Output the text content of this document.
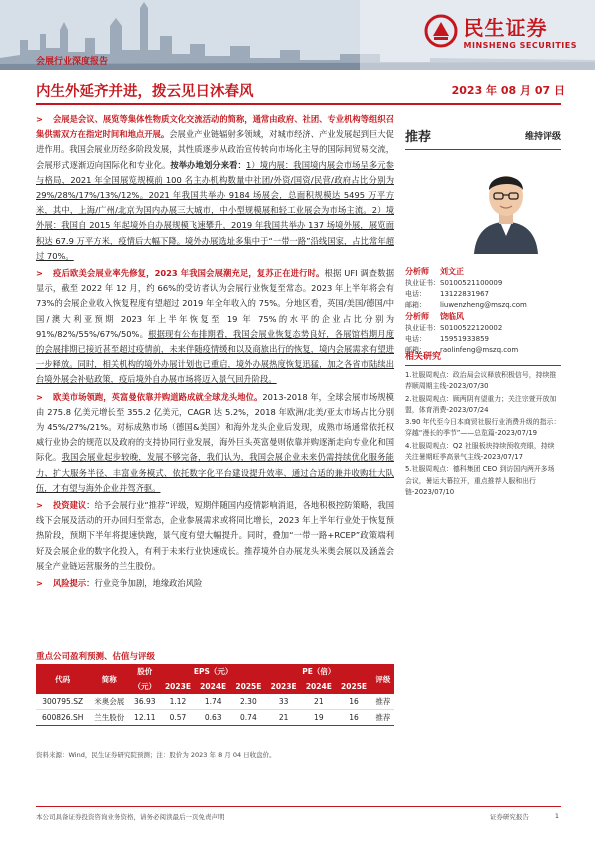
民生证券
MINSHENG SECURITIES
会展行业深度报告
内生外延齐并进，拨云见日沐春风	2023 年 08 月 07 日

> 会展是会议、展览等集体性物质文化交流活动的简称，通常由政府、社团、专业机构等组织召集供需双方在指定时间和地点开展。会展业产业链辐射多领域，对城市经济、产业发展起到巨大促进作用。我国会展业历经多阶段发展，其性质逐步从政治宣传转向市场化主导的国际间贸易交流，会展形式逐渐迈向国际化和专业化。按举办地划分来看：1）境内展：我国境内展会市场呈多元参与格局，2021 年全国展览规模前 100 名主办机构数量中社团/外资/国资/民营/政府占比分别为 29%/28%/17%/13%/12%。2021 年我国共举办 9184 场展会，总面积规模达 5495 万平方米，其中，上海/广州/北京为国内办展三大城市，中小型规模展和轻工业展会为市场主流。2）境外展：我国自 2015 年起境外自办展规模飞速攀升，2019 年我国共举办 137 场境外展，展览面积达 67.9 万平方米，疫情后大幅下降。境外办展选址多集中于“一带一路”沿线国家，占比常年超过 70%。

> 疫后欧美会展业率先修复，2023 年我国会展潮充足，复苏正在进行时。根据 UFI 调查数据显示，截至 2022 年 12 月，约 66%的受访者认为会展行业恢复至常态。2023 年上半年将会有 73%的会展企业收入恢复程度有望超过 2019 年全年收入的 75%。分地区看，英国/美国/德国/中国/澳大利亚预期 2023 年上半年恢复至 19 年 75%的水平的企业占比分别为 91%/82%/55%/67%/50%。根据现有公布排期看，我国会展业恢复态势良好，各展馆档期月度的会展排期已接近甚至超过疫情前，未来伴随疫情缓和以及商旅出行的恢复，境内会展需求有望进一步释放。同时，相关机构的境外办展计划也已重启，境外办展热度恢复迅猛，加之各省市陆续出台境外展会补贴政策，疫后境外自办展市场将迈入景气回升阶段。

> 欧美市场领跑，英富曼依靠并购道路成就全球龙头地位。2013-2018 年，全球会展市场规模由 275.8 亿美元增长至 355.2 亿美元，CAGR 达 5.2%，2018 年欧洲/北美/亚太市场占比分别为 45%/27%/21%。对标成熟市场（德国&美国）和海外龙头企业后发现，成熟市场通常依托权威行业协会的规范以及政府的支持协同行业发展，海外巨头英富曼则依靠并购逐渐走向专业化和国际化。我国会展业起步较晚，发展不够完备，我们认为，我国会展企业未来仍需持续优化服务能力、扩大服务半径、丰富业务模式、依托数字化平台建设提升效率、通过合适的兼并收购壮大队伍，才有望与海外企业并驾齐驱。

> 投资建议：给予会展行业“推荐”评级，短期伴随国内疫情影响消退，各地积极控防策略，我国线下会展及活动的开办回归至常态，企业参展需求或将同比增长，2023 年上半年行业处于恢复预热阶段，预期下半年将提速快跑，景气度有望大幅提升。同时，叠加“一带一路+RCEP”政策端利好及会展企业的数字化投入，有利于未来行业快速成长。推荐境外自办展龙头米奥会展以及涵盖会展全产业链运营服务的兰生股份。

> 风险提示：行业竞争加剧，地缘政治风险

重点公司盈利预测、估值与评级
代码	简称	股价	EPS（元）			PE（倍）			评级
		（元）	2023E	2024E	2025E	2023E	2024E	2025E	
300795.SZ	米奥会展	36.93	1.12	1.74	2.30	33	21	16	推荐
600826.SH	兰生股份	12.11	0.57	0.63	0.74	21	19	16	推荐
资料来源：Wind，民生证券研究院预测；注：股价为 2023 年 8 月 04 日收盘价。
推荐	维持评级
分析师	刘文正
执业证书： S0100521100009
电话：	13122831967
邮箱：	liuwenzheng@mszq.com
分析师	饶临风
执业证书： S0100522120002
电话：	15951933859
邮箱：	raolinfeng@mszq.com
相关研究
1.社服周观点：政治局会议释放积极信号，持续推荐顺周期主线-2023/07/30
2.社服周观点：顾两阴有望重力；关注宗萱开放加盟，体育消费-2023/07/24
3.90 年代至今日本商贸社服行业消费升级的指示：穿越“漫长的季节”——总览篇-2023/07/19
4.社服周观点：Q2 社服板块持续预收亮眼，持续关注暑期旺季高景气主线-2023/07/17
5.社服周观点：德科集团 CEO 到访国内两开多场会议，暑运大幕拉开，重点推荐人服和出行链-2023/07/10
本公司具备证券投资咨询业务资格，请务必阅读最后一页免责声明	证券研究报告	1
